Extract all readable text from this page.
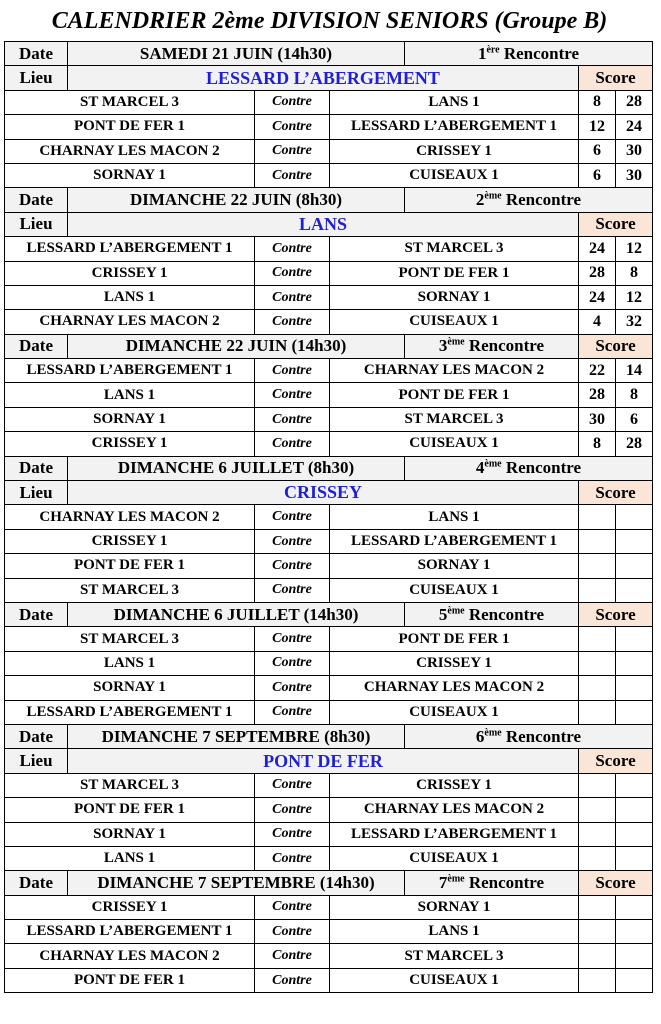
CALENDRIER 2ème DIVISION SENIORS (Groupe B)
Date	SAMEDI 21 JUIN (14h30)			1ère Rencontre		
Lieu	LESSARD L’ABERGEMENT				Score	
ST MARCEL 3		Contre	LANS 1		8	28
PONT DE FER 1		Contre	LESSARD L’ABERGEMENT 1		12	24
CHARNAY LES MACON 2		Contre	CRISSEY 1		6	30
SORNAY 1		Contre	CUISEAUX 1		6	30
Date	DIMANCHE 22 JUIN (8h30)			2ème Rencontre		
Lieu	LANS				Score	
LESSARD L’ABERGEMENT 1		Contre	ST MARCEL 3		24	12
CRISSEY 1		Contre	PONT DE FER 1		28	8
LANS 1		Contre	SORNAY 1		24	12
CHARNAY LES MACON 2		Contre	CUISEAUX 1		4	32
Date	DIMANCHE 22 JUIN (14h30)			3ème Rencontre	Score	
LESSARD L’ABERGEMENT 1		Contre	CHARNAY LES MACON 2		22	14
LANS 1		Contre	PONT DE FER 1		28	8
SORNAY 1		Contre	ST MARCEL 3		30	6
CRISSEY 1		Contre	CUISEAUX 1		8	28
Date	DIMANCHE 6 JUILLET (8h30)			4ème Rencontre		
Lieu	CRISSEY				Score	
CHARNAY LES MACON 2		Contre	LANS 1			
CRISSEY 1		Contre	LESSARD L’ABERGEMENT 1			
PONT DE FER 1		Contre	SORNAY 1			
ST MARCEL 3		Contre	CUISEAUX 1			
Date	DIMANCHE 6 JUILLET (14h30)			5ème Rencontre	Score	
ST MARCEL 3		Contre	PONT DE FER 1			
LANS 1		Contre	CRISSEY 1			
SORNAY 1		Contre	CHARNAY LES MACON 2			
LESSARD L’ABERGEMENT 1		Contre	CUISEAUX 1			
Date	DIMANCHE 7 SEPTEMBRE (8h30)			6ème Rencontre		
Lieu	PONT DE FER				Score	
ST MARCEL 3		Contre	CRISSEY 1			
PONT DE FER 1		Contre	CHARNAY LES MACON 2			
SORNAY 1		Contre	LESSARD L’ABERGEMENT 1			
LANS 1		Contre	CUISEAUX 1			
Date	DIMANCHE 7 SEPTEMBRE (14h30)			7ème Rencontre	Score	
CRISSEY 1		Contre	SORNAY 1			
LESSARD L’ABERGEMENT 1		Contre	LANS 1			
CHARNAY LES MACON 2		Contre	ST MARCEL 3			
PONT DE FER 1		Contre	CUISEAUX 1			
